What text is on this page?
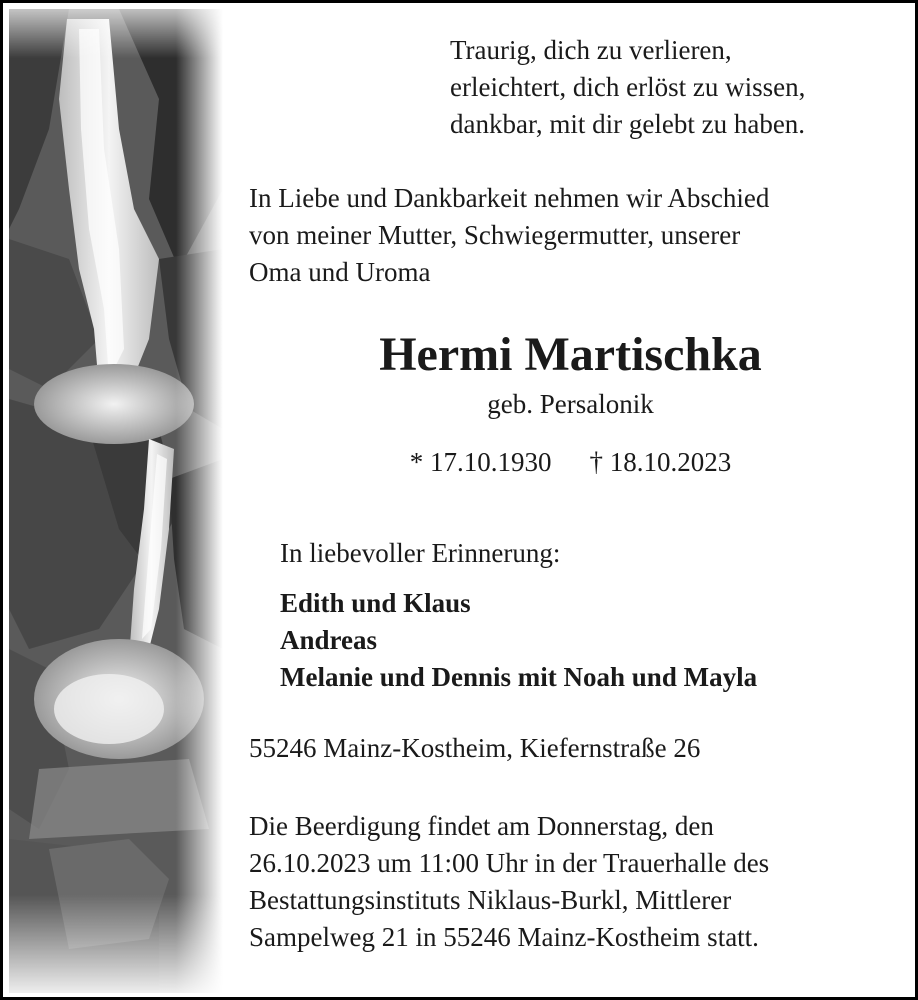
Traurig, dich zu verlieren,
erleichtert, dich erlöst zu wissen,
dankbar, mit dir gelebt zu haben.
In Liebe und Dankbarkeit nehmen wir Abschied
von meiner Mutter, Schwiegermutter, unserer
Oma und Uroma
Hermi Martischka
geb. Persalonik
* 17.10.1930 † 18.10.2023
In liebevoller Erinnerung:
Edith und Klaus
Andreas
Melanie und Dennis mit Noah und Mayla
55246 Mainz-Kostheim, Kiefernstraße 26
Die Beerdigung findet am Donnerstag, den
26.10.2023 um 11:00 Uhr in der Trauerhalle des
Bestattungsinstituts Niklaus-Burkl, Mittlerer
Sampelweg 21 in 55246 Mainz-Kostheim statt.
